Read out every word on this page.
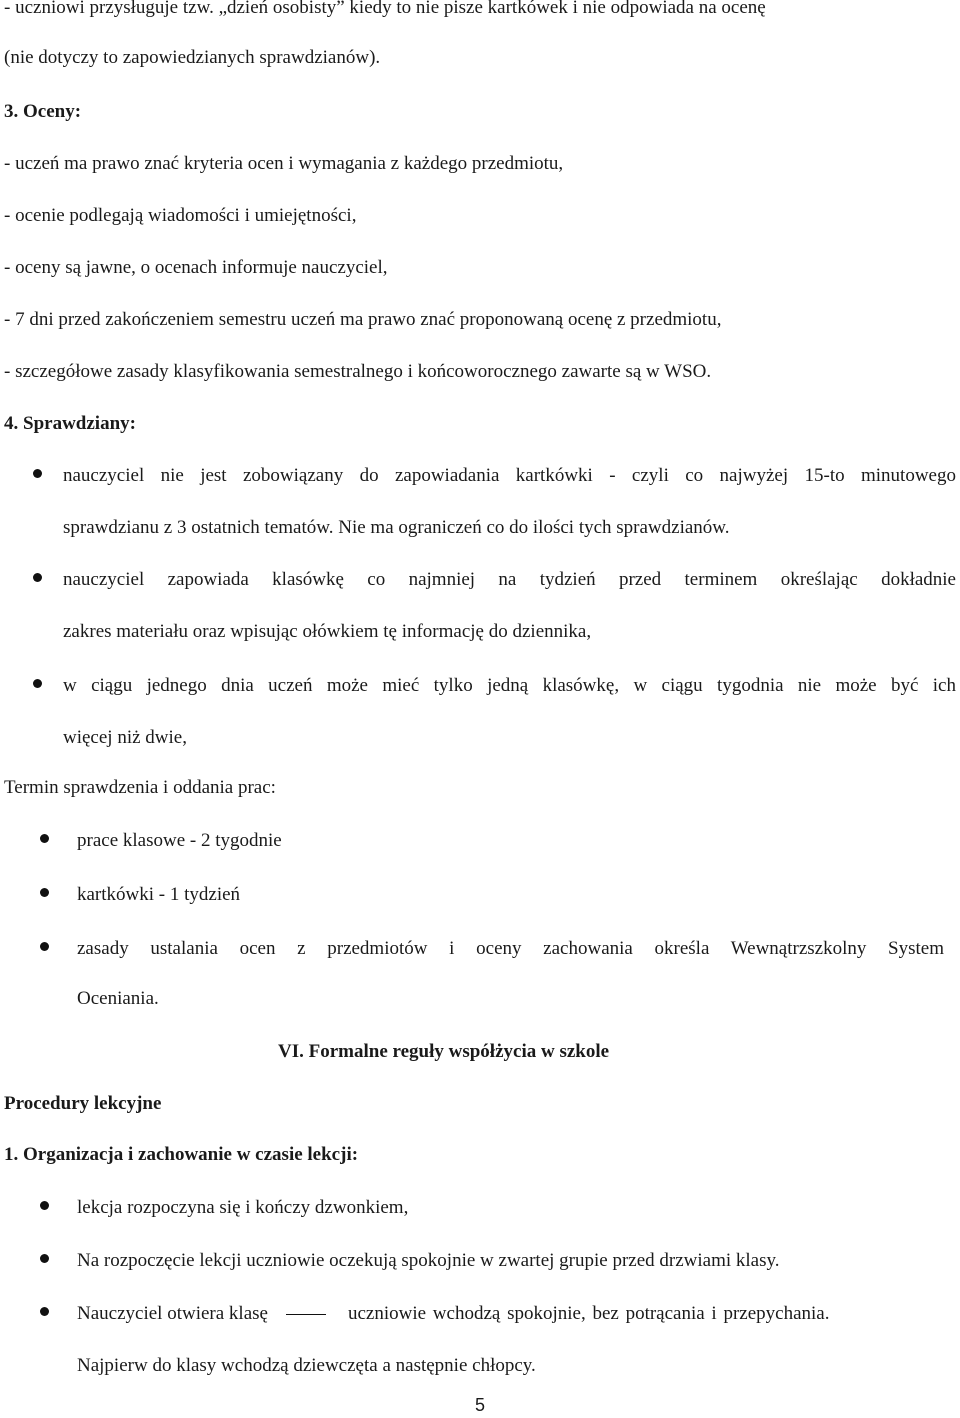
- uczniowi przysługuje tzw. „dzień osobisty” kiedy to nie pisze kartkówek i nie odpowiada na ocenę
(nie dotyczy to zapowiedzianych sprawdzianów).
3. Oceny:
- uczeń ma prawo znać kryteria ocen i wymagania z każdego przedmiotu,
- ocenie podlegają wiadomości i umiejętności,
- oceny są jawne, o ocenach informuje nauczyciel,
- 7 dni przed zakończeniem semestru uczeń ma prawo znać proponowaną ocenę z przedmiotu,
- szczegółowe zasady klasyfikowania semestralnego i końcoworocznego zawarte są w WSO.
4. Sprawdziany:
nauczyciel nie jest zobowiązany do zapowiadania kartkówki - czyli co najwyżej 15-to minutowego
sprawdzianu z 3 ostatnich tematów. Nie ma ograniczeń co do ilości tych sprawdzianów.
nauczyciel zapowiada klasówkę co najmniej na tydzień przed terminem określając dokładnie
zakres materiału oraz wpisując ołówkiem tę informację do dziennika,
w ciągu jednego dnia uczeń może mieć tylko jedną klasówkę, w ciągu tygodnia nie może być ich
więcej niż dwie,
Termin sprawdzenia i oddania prac:
prace klasowe - 2 tygodnie
kartkówki - 1 tydzień
zasady ustalania ocen z przedmiotów i oceny zachowania określa Wewnątrzszkolny System
Oceniania.
VI. Formalne reguły współżycia w szkole
Procedury lekcyjne
1. Organizacja i zachowanie w czasie lekcji:
lekcja rozpoczyna się i kończy dzwonkiem,
Na rozpoczęcie lekcji uczniowie oczekują spokojnie w zwartej grupie przed drzwiami klasy.
Nauczyciel otwiera klasę	uczniowie wchodzą spokojnie, bez potrącania i przepychania.
Najpierw do klasy wchodzą dziewczęta a następnie chłopcy.
5
